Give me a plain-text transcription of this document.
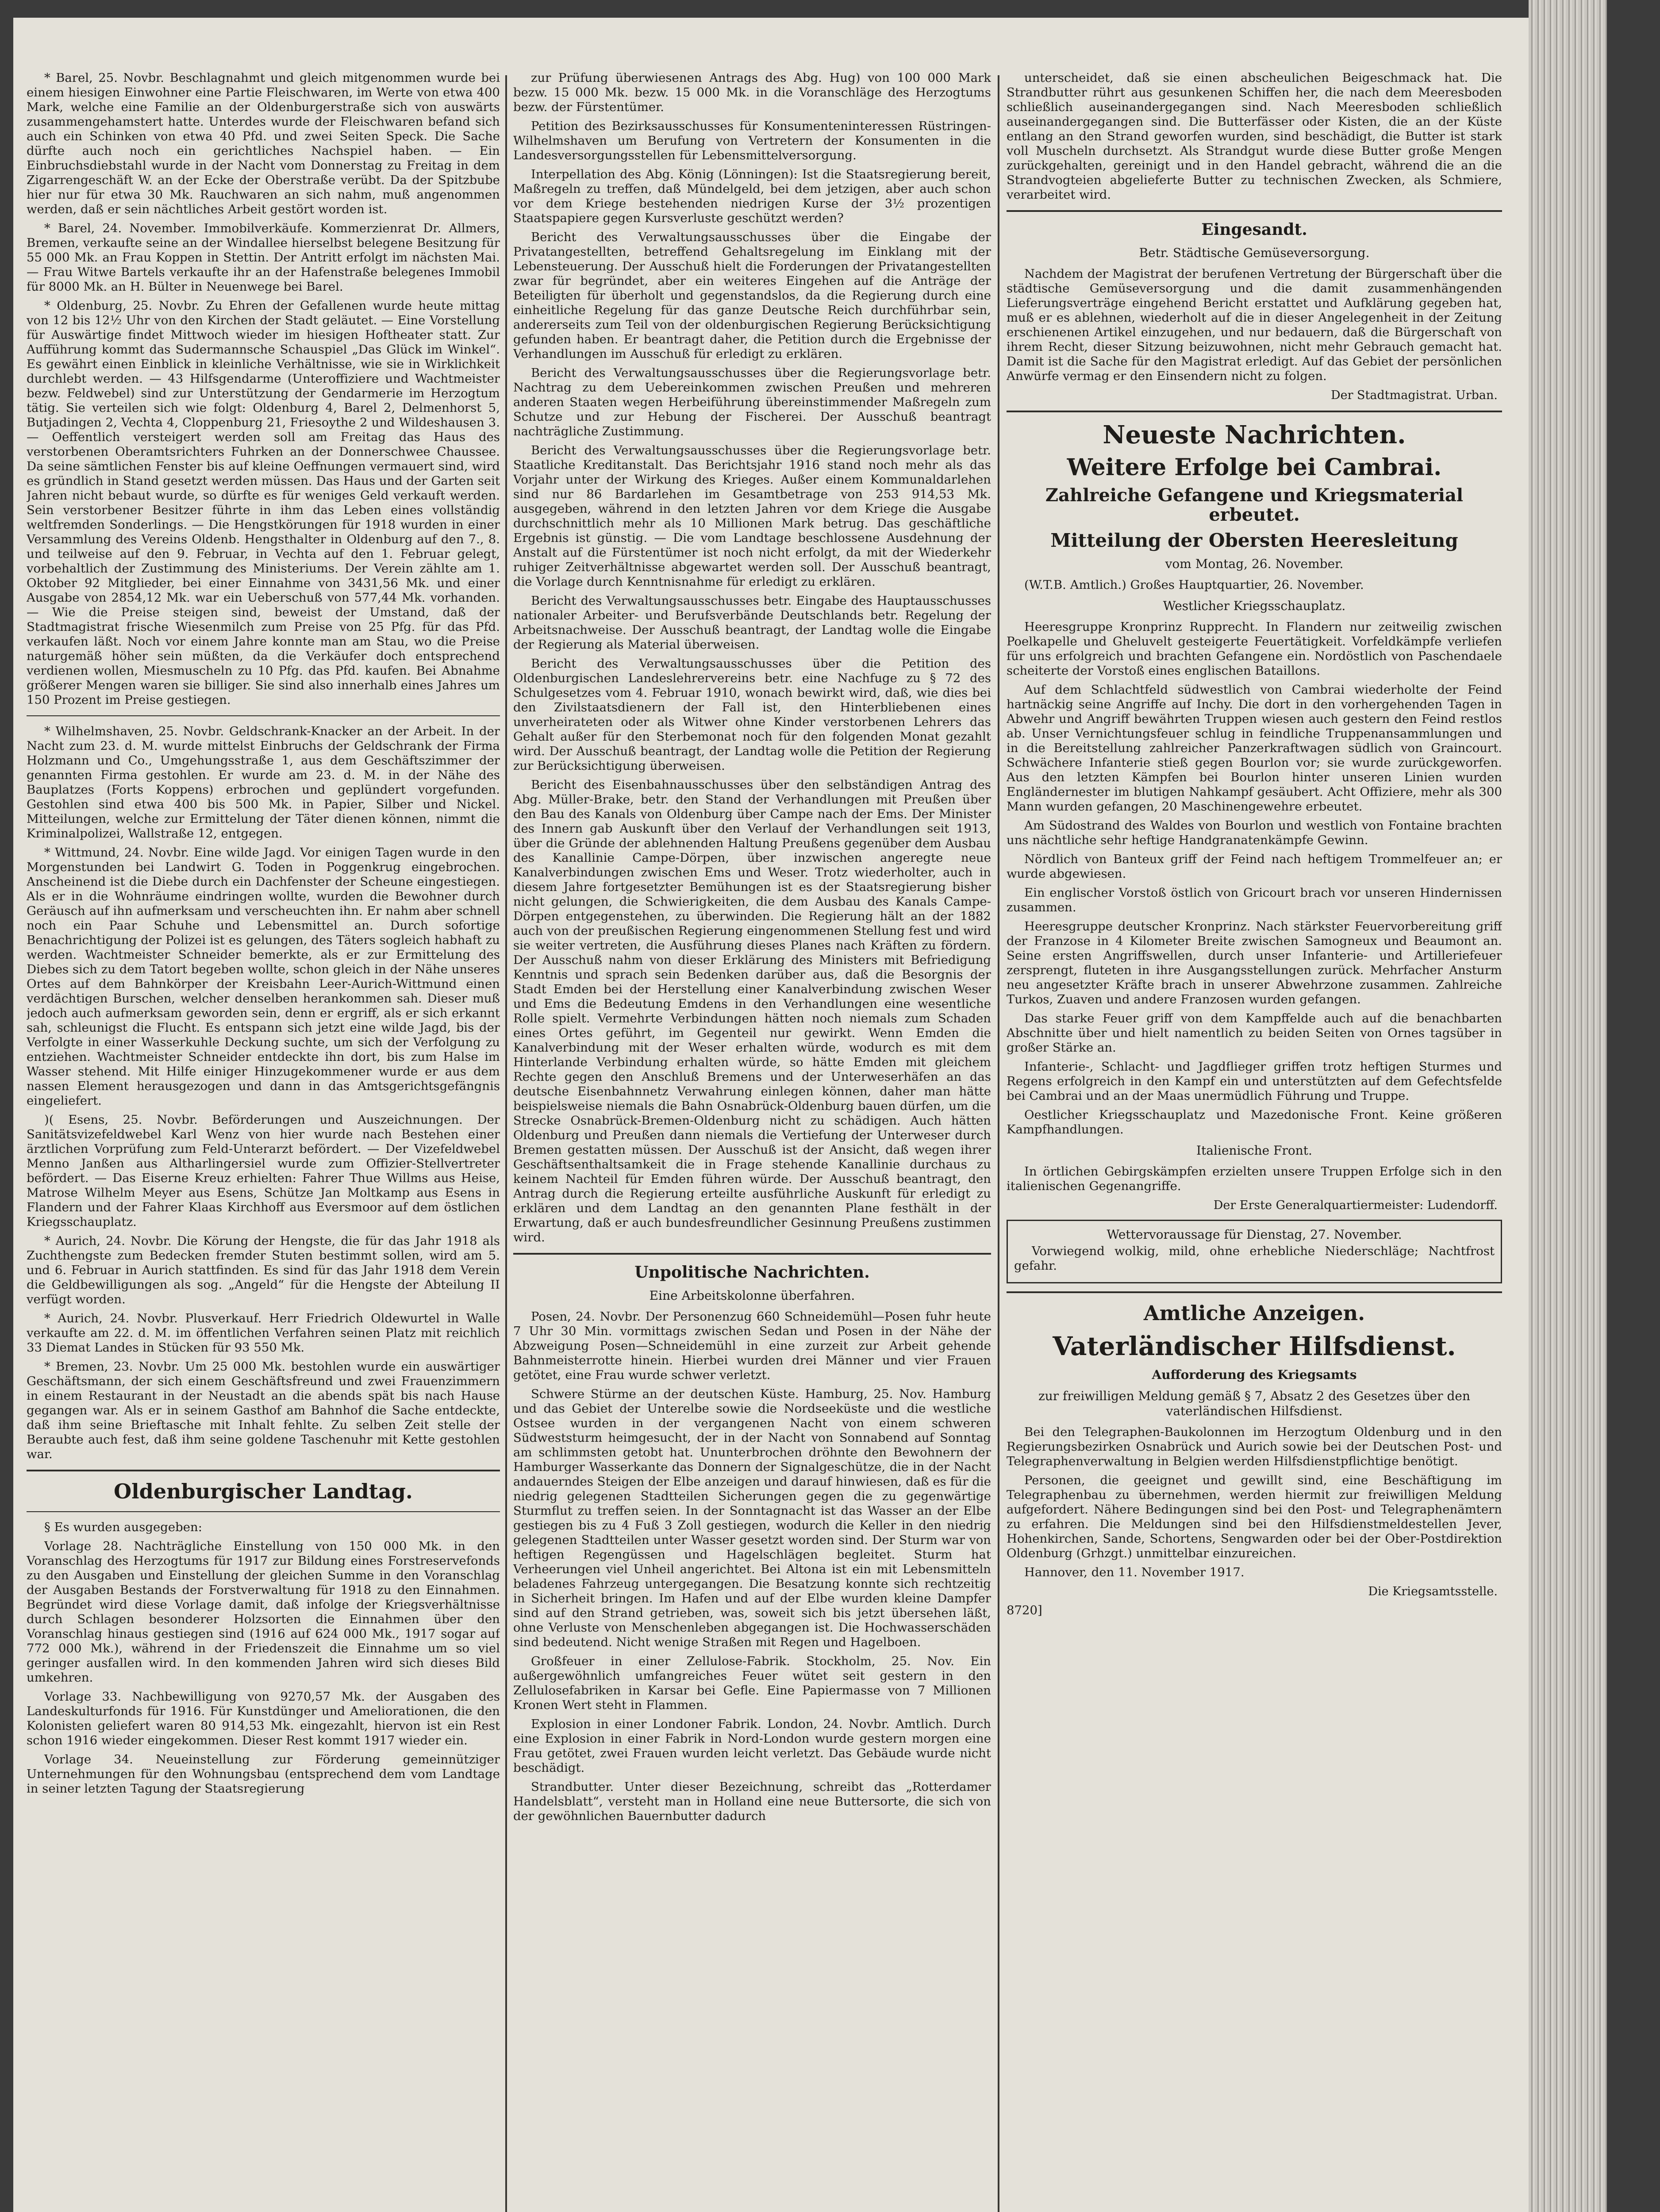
* Barel, 25. Novbr. Beschlagnahmt und gleich mitgenommen wurde bei einem hiesigen Einwohner eine Partie Fleischwaren, im Werte von etwa 400 Mark, welche eine Familie an der Oldenburgerstraße sich von auswärts zusammengehamstert hatte. Unterdes wurde der Fleischwaren befand sich auch ein Schinken von etwa 40 Pfd. und zwei Seiten Speck. Die Sache dürfte auch noch ein gerichtliches Nachspiel haben. — Ein Einbruchsdiebstahl wurde in der Nacht vom Donnerstag zu Freitag in dem Zigarrengeschäft W. an der Ecke der Oberstraße verübt. Da der Spitzbube hier nur für etwa 30 Mk. Rauchwaren an sich nahm, muß angenommen werden, daß er sein nächtliches Arbeit gestört worden ist.

* Barel, 24. November. Immobilverkäufe. Kommerzienrat Dr. Allmers, Bremen, verkaufte seine an der Windallee hierselbst belegene Besitzung für 55 000 Mk. an Frau Koppen in Stettin. Der Antritt erfolgt im nächsten Mai. — Frau Witwe Bartels verkaufte ihr an der Hafenstraße belegenes Immobil für 8000 Mk. an H. Bülter in Neuenwege bei Barel.

* Oldenburg, 25. Novbr. Zu Ehren der Gefallenen wurde heute mittag von 12 bis 12½ Uhr von den Kirchen der Stadt geläutet. — Eine Vorstellung für Auswärtige findet Mittwoch wieder im hiesigen Hoftheater statt. Zur Aufführung kommt das Sudermannsche Schauspiel „Das Glück im Winkel“. Es gewährt einen Einblick in kleinliche Verhältnisse, wie sie in Wirklichkeit durchlebt werden. — 43 Hilfsgendarme (Unteroffiziere und Wachtmeister bezw. Feldwebel) sind zur Unterstützung der Gendarmerie im Herzogtum tätig. Sie verteilen sich wie folgt: Oldenburg 4, Barel 2, Delmenhorst 5, Butjadingen 2, Vechta 4, Cloppenburg 21, Friesoythe 2 und Wildeshausen 3. — Oeffentlich versteigert werden soll am Freitag das Haus des verstorbenen Oberamtsrichters Fuhrken an der Donnerschwee Chaussee. Da seine sämtlichen Fenster bis auf kleine Oeffnungen vermauert sind, wird es gründlich in Stand gesetzt werden müssen. Das Haus und der Garten seit Jahren nicht bebaut wurde, so dürfte es für weniges Geld verkauft werden. Sein verstorbener Besitzer führte in ihm das Leben eines vollständig weltfremden Sonderlings. — Die Hengstkörungen für 1918 wurden in einer Versammlung des Vereins Oldenb. Hengsthalter in Oldenburg auf den 7., 8. und teilweise auf den 9. Februar, in Vechta auf den 1. Februar gelegt, vorbehaltlich der Zustimmung des Ministeriums. Der Verein zählte am 1. Oktober 92 Mitglieder, bei einer Einnahme von 3431,56 Mk. und einer Ausgabe von 2854,12 Mk. war ein Ueberschuß von 577,44 Mk. vorhanden. — Wie die Preise steigen sind, beweist der Umstand, daß der Stadtmagistrat frische Wiesenmilch zum Preise von 25 Pfg. für das Pfd. verkaufen läßt. Noch vor einem Jahre konnte man am Stau, wo die Preise naturgemäß höher sein müßten, da die Verkäufer doch entsprechend verdienen wollen, Miesmuscheln zu 10 Pfg. das Pfd. kaufen. Bei Abnahme größerer Mengen waren sie billiger. Sie sind also innerhalb eines Jahres um 150 Prozent im Preise gestiegen.

* Wilhelmshaven, 25. Novbr. Geldschrank-Knacker an der Arbeit. In der Nacht zum 23. d. M. wurde mittelst Einbruchs der Geldschrank der Firma Holzmann und Co., Umgehungsstraße 1, aus dem Geschäftszimmer der genannten Firma gestohlen. Er wurde am 23. d. M. in der Nähe des Bauplatzes (Forts Koppens) erbrochen und geplündert vorgefunden. Gestohlen sind etwa 400 bis 500 Mk. in Papier, Silber und Nickel. Mitteilungen, welche zur Ermittelung der Täter dienen können, nimmt die Kriminalpolizei, Wallstraße 12, entgegen.

* Wittmund, 24. Novbr. Eine wilde Jagd. Vor einigen Tagen wurde in den Morgenstunden bei Landwirt G. Toden in Poggenkrug eingebrochen. Anscheinend ist die Diebe durch ein Dachfenster der Scheune eingestiegen. Als er in die Wohnräume eindringen wollte, wurden die Bewohner durch Geräusch auf ihn aufmerksam und verscheuchten ihn. Er nahm aber schnell noch ein Paar Schuhe und Lebensmittel an. Durch sofortige Benachrichtigung der Polizei ist es gelungen, des Täters sogleich habhaft zu werden. Wachtmeister Schneider bemerkte, als er zur Ermittelung des Diebes sich zu dem Tatort begeben wollte, schon gleich in der Nähe unseres Ortes auf dem Bahnkörper der Kreisbahn Leer-Aurich-Wittmund einen verdächtigen Burschen, welcher denselben herankommen sah. Dieser muß jedoch auch aufmerksam geworden sein, denn er ergriff, als er sich erkannt sah, schleunigst die Flucht. Es entspann sich jetzt eine wilde Jagd, bis der Verfolgte in einer Wasserkuhle Deckung suchte, um sich der Verfolgung zu entziehen. Wachtmeister Schneider entdeckte ihn dort, bis zum Halse im Wasser stehend. Mit Hilfe einiger Hinzugekommener wurde er aus dem nassen Element herausgezogen und dann in das Amtsgerichtsgefängnis eingeliefert.

)( Esens, 25. Novbr. Beförderungen und Auszeichnungen. Der Sanitätsvizefeldwebel Karl Wenz von hier wurde nach Bestehen einer ärztlichen Vorprüfung zum Feld-Unterarzt befördert. — Der Vizefeldwebel Menno Janßen aus Altharlingersiel wurde zum Offizier-Stellvertreter befördert. — Das Eiserne Kreuz erhielten: Fahrer Thue Willms aus Heise, Matrose Wilhelm Meyer aus Esens, Schütze Jan Moltkamp aus Esens in Flandern und der Fahrer Klaas Kirchhoff aus Eversmoor auf dem östlichen Kriegsschauplatz.

* Aurich, 24. Novbr. Die Körung der Hengste, die für das Jahr 1918 als Zuchthengste zum Bedecken fremder Stuten bestimmt sollen, wird am 5. und 6. Februar in Aurich stattfinden. Es sind für das Jahr 1918 dem Verein die Geldbewilligungen als sog. „Angeld“ für die Hengste der Abteilung II verfügt worden.

* Aurich, 24. Novbr. Plusverkauf. Herr Friedrich Oldewurtel in Walle verkaufte am 22. d. M. im öffentlichen Verfahren seinen Platz mit reichlich 33 Diemat Landes in Stücken für 93 550 Mk.

* Bremen, 23. Novbr. Um 25 000 Mk. bestohlen wurde ein auswärtiger Geschäftsmann, der sich einem Geschäftsfreund und zwei Frauenzimmern in einem Restaurant in der Neustadt an die abends spät bis nach Hause gegangen war. Als er in seinem Gasthof am Bahnhof die Sache entdeckte, daß ihm seine Brieftasche mit Inhalt fehlte. Zu selben Zeit stelle der Beraubte auch fest, daß ihm seine goldene Taschenuhr mit Kette gestohlen war.

Oldenburgischer Landtag.

§ Es wurden ausgegeben:

Vorlage 28. Nachträgliche Einstellung von 150 000 Mk. in den Voranschlag des Herzogtums für 1917 zur Bildung eines Forstreservefonds zu den Ausgaben und Einstellung der gleichen Summe in den Voranschlag der Ausgaben Bestands der Forstverwaltung für 1918 zu den Einnahmen. Begründet wird diese Vorlage damit, daß infolge der Kriegsverhältnisse durch Schlagen besonderer Holzsorten die Einnahmen über den Voranschlag hinaus gestiegen sind (1916 auf 624 000 Mk., 1917 sogar auf 772 000 Mk.), während in der Friedenszeit die Einnahme um so viel geringer ausfallen wird. In den kommenden Jahren wird sich dieses Bild umkehren.

Vorlage 33. Nachbewilligung von 9270,57 Mk. der Ausgaben des Landeskulturfonds für 1916. Für Kunstdünger und Ameliorationen, die den Kolonisten geliefert waren 80 914,53 Mk. eingezahlt, hiervon ist ein Rest schon 1916 wieder eingekommen. Dieser Rest kommt 1917 wieder ein.

Vorlage 34. Neueinstellung zur Förderung gemeinnütziger Unternehmungen für den Wohnungsbau (entsprechend dem vom Landtage in seiner letzten Tagung der Staatsregierung

zur Prüfung überwiesenen Antrags des Abg. Hug) von 100 000 Mark bezw. 15 000 Mk. bezw. 15 000 Mk. in die Voranschläge des Herzogtums bezw. der Fürstentümer.

Petition des Bezirksausschusses für Konsumenteninteressen Rüstringen-Wilhelmshaven um Berufung von Vertretern der Konsumenten in die Landesversorgungsstellen für Lebensmittelversorgung.

Interpellation des Abg. König (Lönningen): Ist die Staatsregierung bereit, Maßregeln zu treffen, daß Mündelgeld, bei dem jetzigen, aber auch schon vor dem Kriege bestehenden niedrigen Kurse der 3½ prozentigen Staatspapiere gegen Kursverluste geschützt werden?

Bericht des Verwaltungsausschusses über die Eingabe der Privatangestellten, betreffend Gehaltsregelung im Einklang mit der Lebensteuerung. Der Ausschuß hielt die Forderungen der Privatangestellten zwar für begründet, aber ein weiteres Eingehen auf die Anträge der Beteiligten für überholt und gegenstandslos, da die Regierung durch eine einheitliche Regelung für das ganze Deutsche Reich durchführbar sein, andererseits zum Teil von der oldenburgischen Regierung Berücksichtigung gefunden haben. Er beantragt daher, die Petition durch die Ergebnisse der Verhandlungen im Ausschuß für erledigt zu erklären.

Bericht des Verwaltungsausschusses über die Regierungsvorlage betr. Nachtrag zu dem Uebereinkommen zwischen Preußen und mehreren anderen Staaten wegen Herbeiführung übereinstimmender Maßregeln zum Schutze und zur Hebung der Fischerei. Der Ausschuß beantragt nachträgliche Zustimmung.

Bericht des Verwaltungsausschusses über die Regierungsvorlage betr. Staatliche Kreditanstalt. Das Berichtsjahr 1916 stand noch mehr als das Vorjahr unter der Wirkung des Krieges. Außer einem Kommunaldarlehen sind nur 86 Bardarlehen im Gesamtbetrage von 253 914,53 Mk. ausgegeben, während in den letzten Jahren vor dem Kriege die Ausgabe durchschnittlich mehr als 10 Millionen Mark betrug. Das geschäftliche Ergebnis ist günstig. — Die vom Landtage beschlossene Ausdehnung der Anstalt auf die Fürstentümer ist noch nicht erfolgt, da mit der Wiederkehr ruhiger Zeitverhältnisse abgewartet werden soll. Der Ausschuß beantragt, die Vorlage durch Kenntnisnahme für erledigt zu erklären.

Bericht des Verwaltungsausschusses betr. Eingabe des Hauptausschusses nationaler Arbeiter- und Berufsverbände Deutschlands betr. Regelung der Arbeitsnachweise. Der Ausschuß beantragt, der Landtag wolle die Eingabe der Regierung als Material überweisen.

Bericht des Verwaltungsausschusses über die Petition des Oldenburgischen Landeslehrervereins betr. eine Nachfuge zu § 72 des Schulgesetzes vom 4. Februar 1910, wonach bewirkt wird, daß, wie dies bei den Zivilstaatsdienern der Fall ist, den Hinterbliebenen eines unverheirateten oder als Witwer ohne Kinder verstorbenen Lehrers das Gehalt außer für den Sterbemonat noch für den folgenden Monat gezahlt wird. Der Ausschuß beantragt, der Landtag wolle die Petition der Regierung zur Berücksichtigung überweisen.

Bericht des Eisenbahnausschusses über den selbständigen Antrag des Abg. Müller-Brake, betr. den Stand der Verhandlungen mit Preußen über den Bau des Kanals von Oldenburg über Campe nach der Ems. Der Minister des Innern gab Auskunft über den Verlauf der Verhandlungen seit 1913, über die Gründe der ablehnenden Haltung Preußens gegenüber dem Ausbau des Kanallinie Campe-Dörpen, über inzwischen angeregte neue Kanalverbindungen zwischen Ems und Weser. Trotz wiederholter, auch in diesem Jahre fortgesetzter Bemühungen ist es der Staatsregierung bisher nicht gelungen, die Schwierigkeiten, die dem Ausbau des Kanals Campe-Dörpen entgegenstehen, zu überwinden. Die Regierung hält an der 1882 auch von der preußischen Regierung eingenommenen Stellung fest und wird sie weiter vertreten, die Ausführung dieses Planes nach Kräften zu fördern. Der Ausschuß nahm von dieser Erklärung des Ministers mit Befriedigung Kenntnis und sprach sein Bedenken darüber aus, daß die Besorgnis der Stadt Emden bei der Herstellung einer Kanalverbindung zwischen Weser und Ems die Bedeutung Emdens in den Verhandlungen eine wesentliche Rolle spielt. Vermehrte Verbindungen hätten noch niemals zum Schaden eines Ortes geführt, im Gegenteil nur gewirkt. Wenn Emden die Kanalverbindung mit der Weser erhalten würde, wodurch es mit dem Hinterlande Verbindung erhalten würde, so hätte Emden mit gleichem Rechte gegen den Anschluß Bremens und der Unterweserhäfen an das deutsche Eisenbahnnetz Verwahrung einlegen können, daher man hätte beispielsweise niemals die Bahn Osnabrück-Oldenburg bauen dürfen, um die Strecke Osnabrück-Bremen-Oldenburg nicht zu schädigen. Auch hätten Oldenburg und Preußen dann niemals die Vertiefung der Unterweser durch Bremen gestatten müssen. Der Ausschuß ist der Ansicht, daß wegen ihrer Geschäftsenthaltsamkeit die in Frage stehende Kanallinie durchaus zu keinem Nachteil für Emden führen würde. Der Ausschuß beantragt, den Antrag durch die Regierung erteilte ausführliche Auskunft für erledigt zu erklären und dem Landtag an den genannten Plane festhält in der Erwartung, daß er auch bundesfreundlicher Gesinnung Preußens zustimmen wird.

Unpolitische Nachrichten.
Eine Arbeitskolonne überfahren.

Posen, 24. Novbr. Der Personenzug 660 Schneidemühl—Posen fuhr heute 7 Uhr 30 Min. vormittags zwischen Sedan und Posen in der Nähe der Abzweigung Posen—Schneidemühl in eine zurzeit zur Arbeit gehende Bahnmeisterrotte hinein. Hierbei wurden drei Männer und vier Frauen getötet, eine Frau wurde schwer verletzt.

Schwere Stürme an der deutschen Küste. Hamburg, 25. Nov. Hamburg und das Gebiet der Unterelbe sowie die Nordseeküste und die westliche Ostsee wurden in der vergangenen Nacht von einem schweren Südweststurm heimgesucht, der in der Nacht von Sonnabend auf Sonntag am schlimmsten getobt hat. Ununterbrochen dröhnte den Bewohnern der Hamburger Wasserkante das Donnern der Signalgeschütze, die in der Nacht andauerndes Steigen der Elbe anzeigen und darauf hinwiesen, daß es für die niedrig gelegenen Stadtteilen Sicherungen gegen die zu gegenwärtige Sturmflut zu treffen seien. In der Sonntagnacht ist das Wasser an der Elbe gestiegen bis zu 4 Fuß 3 Zoll gestiegen, wodurch die Keller in den niedrig gelegenen Stadtteilen unter Wasser gesetzt worden sind. Der Sturm war von heftigen Regengüssen und Hagelschlägen begleitet. Sturm hat Verheerungen viel Unheil angerichtet. Bei Altona ist ein mit Lebensmitteln beladenes Fahrzeug untergegangen. Die Besatzung konnte sich rechtzeitig in Sicherheit bringen. Im Hafen und auf der Elbe wurden kleine Dampfer sind auf den Strand getrieben, was, soweit sich bis jetzt übersehen läßt, ohne Verluste von Menschenleben abgegangen ist. Die Hochwasserschäden sind bedeutend. Nicht wenige Straßen mit Regen und Hagelboen.

Großfeuer in einer Zellulose-Fabrik. Stockholm, 25. Nov. Ein außergewöhnlich umfangreiches Feuer wütet seit gestern in den Zellulosefabriken in Karsar bei Gefle. Eine Papiermasse von 7 Millionen Kronen Wert steht in Flammen.

Explosion in einer Londoner Fabrik. London, 24. Novbr. Amtlich. Durch eine Explosion in einer Fabrik in Nord-London wurde gestern morgen eine Frau getötet, zwei Frauen wurden leicht verletzt. Das Gebäude wurde nicht beschädigt.

Strandbutter. Unter dieser Bezeichnung, schreibt das „Rotterdamer Handelsblatt“, versteht man in Holland eine neue Buttersorte, die sich von der gewöhnlichen Bauernbutter dadurch

unterscheidet, daß sie einen abscheulichen Beigeschmack hat. Die Strandbutter rührt aus gesunkenen Schiffen her, die nach dem Meeresboden schließlich auseinandergegangen sind. Nach Meeresboden schließlich auseinandergegangen sind. Die Butterfässer oder Kisten, die an der Küste entlang an den Strand geworfen wurden, sind beschädigt, die Butter ist stark voll Muscheln durchsetzt. Als Strandgut wurde diese Butter große Mengen zurückgehalten, gereinigt und in den Handel gebracht, während die an die Strandvogteien abgelieferte Butter zu technischen Zwecken, als Schmiere, verarbeitet wird.

Eingesandt.
Betr. Städtische Gemüseversorgung.

Nachdem der Magistrat der berufenen Vertretung der Bürgerschaft über die städtische Gemüseversorgung und die damit zusammenhängenden Lieferungsverträge eingehend Bericht erstattet und Aufklärung gegeben hat, muß er es ablehnen, wiederholt auf die in dieser Angelegenheit in der Zeitung erschienenen Artikel einzugehen, und nur bedauern, daß die Bürgerschaft von ihrem Recht, dieser Sitzung beizuwohnen, nicht mehr Gebrauch gemacht hat. Damit ist die Sache für den Magistrat erledigt. Auf das Gebiet der persönlichen Anwürfe vermag er den Einsendern nicht zu folgen.

Der Stadtmagistrat. Urban.
Neueste Nachrichten.
Weitere Erfolge bei Cambrai.
Zahlreiche Gefangene und Kriegsmaterial erbeutet.
Mitteilung der Obersten Heeresleitung
vom Montag, 26. November.

(W.T.B. Amtlich.) Großes Hauptquartier, 26. November.

Westlicher Kriegsschauplatz.

Heeresgruppe Kronprinz Rupprecht. In Flandern nur zeitweilig zwischen Poelkapelle und Gheluvelt gesteigerte Feuertätigkeit. Vorfeldkämpfe verliefen für uns erfolgreich und brachten Gefangene ein. Nordöstlich von Paschendaele scheiterte der Vorstoß eines englischen Bataillons.

Auf dem Schlachtfeld südwestlich von Cambrai wiederholte der Feind hartnäckig seine Angriffe auf Inchy. Die dort in den vorhergehenden Tagen in Abwehr und Angriff bewährten Truppen wiesen auch gestern den Feind restlos ab. Unser Vernichtungsfeuer schlug in feindliche Truppenansammlungen und in die Bereitstellung zahlreicher Panzerkraftwagen südlich von Graincourt. Schwächere Infanterie stieß gegen Bourlon vor; sie wurde zurückgeworfen. Aus den letzten Kämpfen bei Bourlon hinter unseren Linien wurden Engländernester im blutigen Nahkampf gesäubert. Acht Offiziere, mehr als 300 Mann wurden gefangen, 20 Maschinengewehre erbeutet.

Am Südostrand des Waldes von Bourlon und westlich von Fontaine brachten uns nächtliche sehr heftige Handgranatenkämpfe Gewinn.

Nördlich von Banteux griff der Feind nach heftigem Trommelfeuer an; er wurde abgewiesen.

Ein englischer Vorstoß östlich von Gricourt brach vor unseren Hindernissen zusammen.

Heeresgruppe deutscher Kronprinz. Nach stärkster Feuervorbereitung griff der Franzose in 4 Kilometer Breite zwischen Samogneux und Beaumont an. Seine ersten Angriffswellen, durch unser Infanterie- und Artilleriefeuer zersprengt, fluteten in ihre Ausgangsstellungen zurück. Mehrfacher Ansturm neu angesetzter Kräfte brach in unserer Abwehrzone zusammen. Zahlreiche Turkos, Zuaven und andere Franzosen wurden gefangen.

Das starke Feuer griff von dem Kampffelde auch auf die benachbarten Abschnitte über und hielt namentlich zu beiden Seiten von Ornes tagsüber in großer Stärke an.

Infanterie-, Schlacht- und Jagdflieger griffen trotz heftigen Sturmes und Regens erfolgreich in den Kampf ein und unterstützten auf dem Gefechtsfelde bei Cambrai und an der Maas unermüdlich Führung und Truppe.

Oestlicher Kriegsschauplatz und Mazedonische Front. Keine größeren Kampfhandlungen.

Italienische Front.

In örtlichen Gebirgskämpfen erzielten unsere Truppen Erfolge sich in den italienischen Gegenangriffe.

Der Erste Generalquartiermeister: Ludendorff.
Wettervoraussage für Dienstag, 27. November.

Vorwiegend wolkig, mild, ohne erhebliche Niederschläge; Nachtfrost gefahr.

Amtliche Anzeigen.
Vaterländischer Hilfsdienst.
Aufforderung des Kriegsamts
zur freiwilligen Meldung gemäß § 7, Absatz 2 des Gesetzes über den vaterländischen Hilfsdienst.

Bei den Telegraphen-Baukolonnen im Herzogtum Oldenburg und in den Regierungsbezirken Osnabrück und Aurich sowie bei der Deutschen Post- und Telegraphenverwaltung in Belgien werden Hilfsdienstpflichtige benötigt.

Personen, die geeignet und gewillt sind, eine Beschäftigung im Telegraphenbau zu übernehmen, werden hiermit zur freiwilligen Meldung aufgefordert. Nähere Bedingungen sind bei den Post- und Telegraphenämtern zu erfahren. Die Meldungen sind bei den Hilfsdienstmeldestellen Jever, Hohenkirchen, Sande, Schortens, Sengwarden oder bei der Ober-Postdirektion Oldenburg (Grhzgt.) unmittelbar einzureichen.

Hannover, den 11. November 1917.

Die Kriegsamtsstelle.

8720]
